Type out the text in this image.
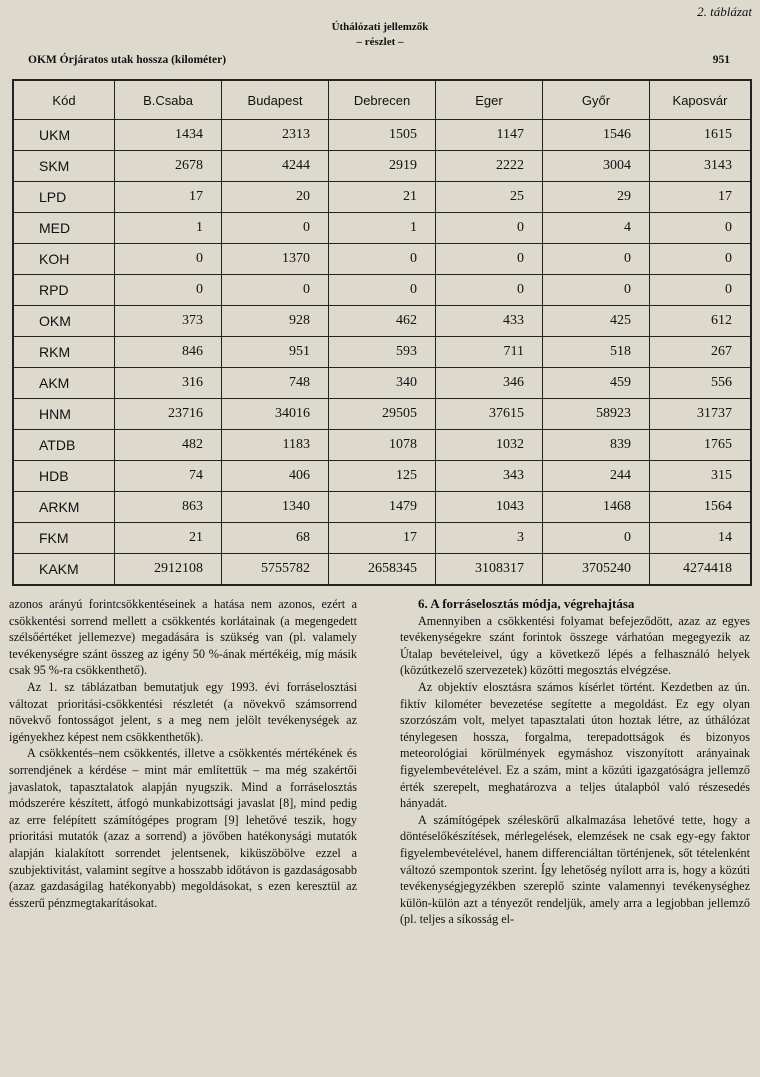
2. táblázat
Úthálózati jellemzők
– részlet –
OKM Órjáratos utak hossza (kilométer)	951
Kód	B.Csaba	Budapest	Debrecen	Eger	Győr	Kaposvár
UKM	1434	2313	1505	1147	1546	1615
SKM	2678	4244	2919	2222	3004	3143
LPD	17	20	21	25	29	17
MED	1	0	1	0	4	0
KOH	0	1370	0	0	0	0
RPD	0	0	0	0	0	0
OKM	373	928	462	433	425	612
RKM	846	951	593	711	518	267
AKM	316	748	340	346	459	556
HNM	23716	34016	29505	37615	58923	31737
ATDB	482	1183	1078	1032	839	1765
HDB	74	406	125	343	244	315
ARKM	863	1340	1479	1043	1468	1564
FKM	21	68	17	3	0	14
KAKM	2912108	5755782	2658345	3108317	3705240	4274418

azonos arányú forintcsökkentéseinek a hatása nem azonos, ezért a csökkentési sorrend mellett a csökkentés korlátainak (a megengedett szélsőértéket jellemezve) megadására is szükség van (pl. valamely tevékenységre szánt összeg az igény 50 %-ának mértékéig, míg másik csak 95 %-ra csökkenthető).

Az 1. sz táblázatban bemutatjuk egy 1993. évi forráselosztási változat prioritási-csökkentési részletét (a növekvő számsorrend növekvő fontosságot jelent, s a meg nem jelölt tevékenységek az igényekhez képest nem csökkenthetők).

A csökkentés–nem csökkentés, illetve a csökkentés mértékének és sorrendjének a kérdése – mint már említettük – ma még szakértői javaslatok, tapasztalatok alapján nyugszik. Mind a forráselosztás módszerére készített, átfogó munkabizottsági javaslat [8], mind pedig az erre felépített számítógépes program [9] lehetővé teszik, hogy prioritási mutatók (azaz a sorrend) a jövőben hatékonysági mutatók alapján kialakított sorrendet jelentsenek, kiküszöbölve ezzel a szubjektivitást, valamint segítve a hosszabb időtávon is gazdaságosabb (azaz gazdaságilag hatékonyabb) megoldásokat, s ezen keresztül az ésszerű pénzmegtakarításokat.

6. A forráselosztás módja, végrehajtása

Amennyiben a csökkentési folyamat befejeződött, azaz az egyes tevékenységekre szánt forintok összege várhatóan megegyezik az Útalap bevételeivel, úgy a következő lépés a felhasználó helyek (közútkezelő szervezetek) közötti megosztás elvégzése.

Az objektív elosztásra számos kísérlet történt. Kezdetben az ún. fiktív kilométer bevezetése segítette a megoldást. Ez egy olyan szorzószám volt, melyet tapasztalati úton hoztak létre, az úthálózat ténylegesen hossza, forgalma, terepadottságok és bizonyos meteorológiai körülmények egymáshoz viszonyított arányainak figyelembevételével. Ez a szám, mint a közúti igazgatóságra jellemző érték szerepelt, meghatározva a teljes útalapból való részesedés hányadát.

A számítógépek széleskörű alkalmazása lehetővé tette, hogy a döntéselőkészítések, mérlegelések, elemzések ne csak egy-egy faktor figyelembevételével, hanem differenciáltan történjenek, sőt tételenként változó szempontok szerint. Így lehetőség nyílott arra is, hogy a közúti tevékenységjegyzékben szereplő szinte valamennyi tevékenységhez külön-külön azt a tényezőt rendeljük, amely arra a legjobban jellemző (pl. teljes a síkosság el-
